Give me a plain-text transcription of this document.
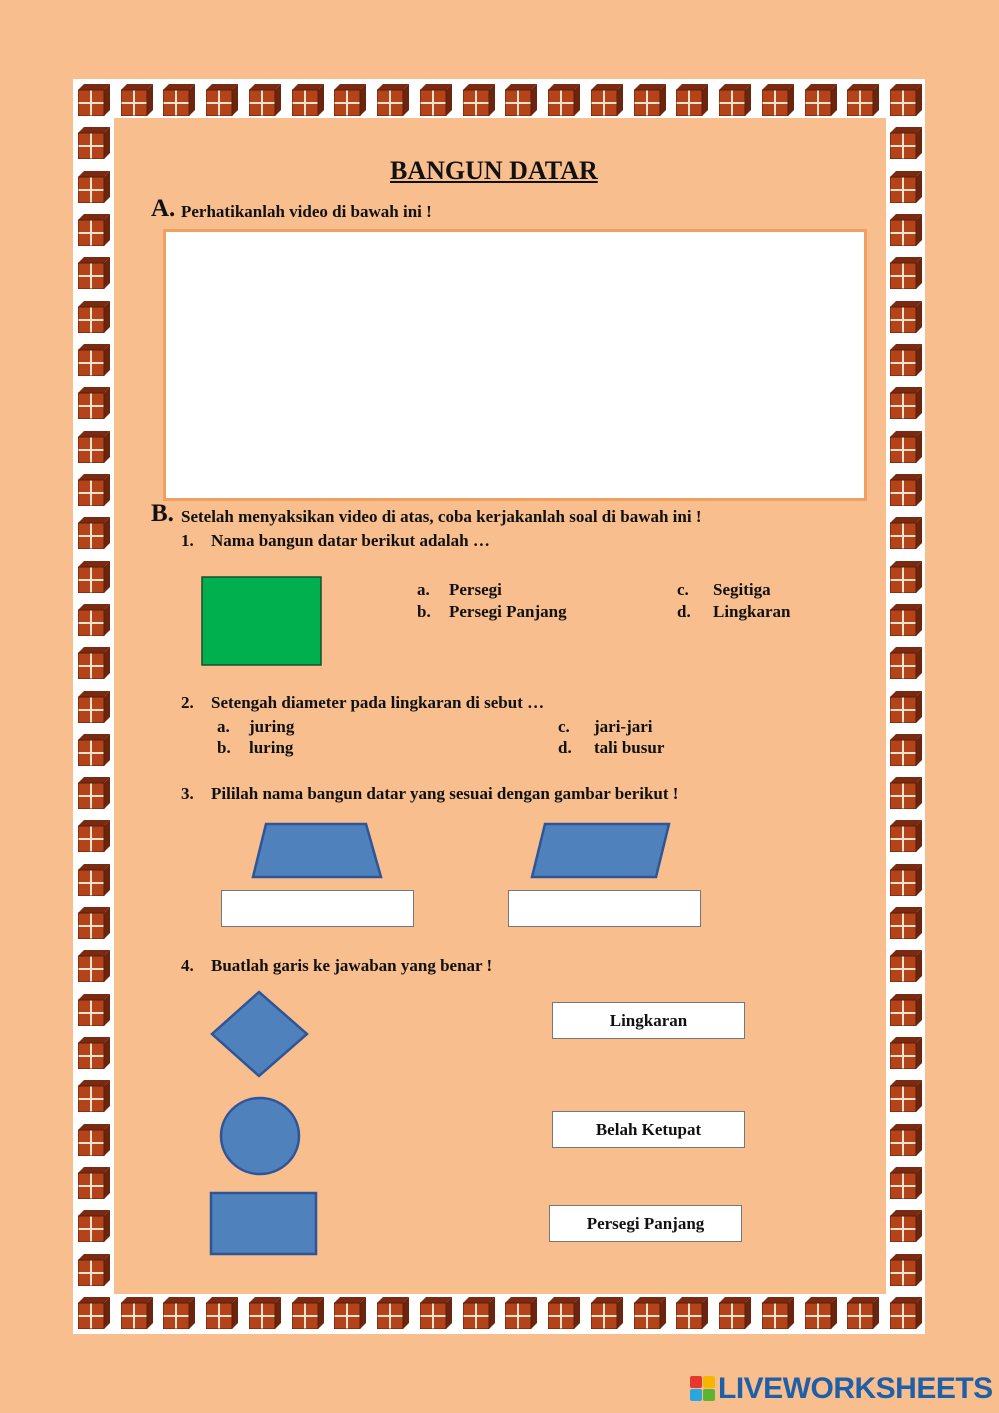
BANGUN DATAR
A. Perhatikanlah video di bawah ini !
B. Setelah menyaksikan video di atas, coba kerjakanlah soal di bawah ini !
1. Nama bangun datar berikut adalah …
a. Persegi
b. Persegi Panjang
c. Segitiga
d. Lingkaran
2. Setengah diameter pada lingkaran di sebut …
a. juring
b. luring
c. jari-jari
d. tali busur
3. Pililah nama bangun datar yang sesuai dengan gambar berikut !
4. Buatlah garis ke jawaban yang benar !
Lingkaran
Belah Ketupat
Persegi Panjang
LIVEWORKSHEETS
